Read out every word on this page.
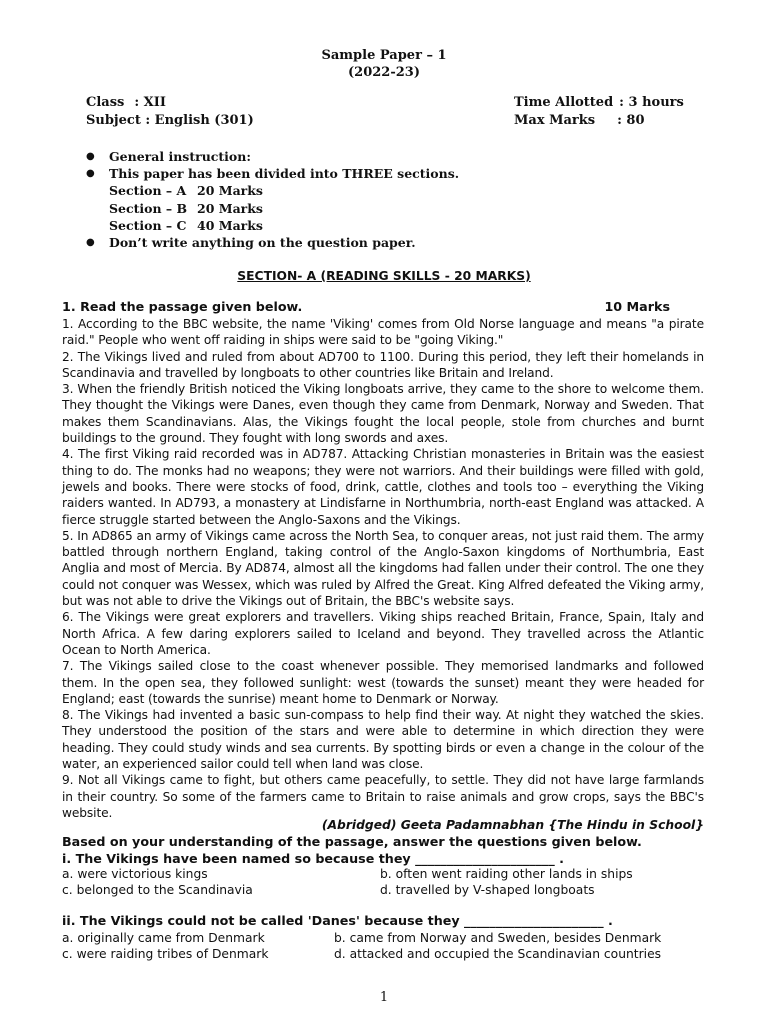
Sample Paper – 1
(2022-23)
Class : XII
Subject : English (301)
Time Allotted : 3 hours
Max Marks : 80
●	General instruction:
●	This paper has been divided into THREE sections.
Section – A 20 Marks
Section – B 20 Marks
Section – C 40 Marks
●	Don’t write anything on the question paper.
SECTION- A (READING SKILLS - 20 MARKS)
1. Read the passage given below.	10 Marks

1. According to the BBC website, the name 'Viking' comes from Old Norse language and means "a pirate raid." People who went off raiding in ships were said to be "going Viking."

2. The Vikings lived and ruled from about AD700 to 1100. During this period, they left their homelands in Scandinavia and travelled by longboats to other countries like Britain and Ireland.

3. When the friendly British noticed the Viking longboats arrive, they came to the shore to welcome them. They thought the Vikings were Danes, even though they came from Denmark, Norway and Sweden. That makes them Scandinavians. Alas, the Vikings fought the local people, stole from churches and burnt buildings to the ground. They fought with long swords and axes.

4. The first Viking raid recorded was in AD787. Attacking Christian monasteries in Britain was the easiest thing to do. The monks had no weapons; they were not warriors. And their buildings were filled with gold, jewels and books. There were stocks of food, drink, cattle, clothes and tools too – everything the Viking raiders wanted. In AD793, a monastery at Lindisfarne in Northumbria, north-east England was attacked. A fierce struggle started between the Anglo-Saxons and the Vikings.

5. In AD865 an army of Vikings came across the North Sea, to conquer areas, not just raid them. The army battled through northern England, taking control of the Anglo-Saxon kingdoms of Northumbria, East Anglia and most of Mercia. By AD874, almost all the kingdoms had fallen under their control. The one they could not conquer was Wessex, which was ruled by Alfred the Great. King Alfred defeated the Viking army, but was not able to drive the Vikings out of Britain, the BBC's website says.

6. The Vikings were great explorers and travellers. Viking ships reached Britain, France, Spain, Italy and North Africa. A few daring explorers sailed to Iceland and beyond. They travelled across the Atlantic Ocean to North America.

7. The Vikings sailed close to the coast whenever possible. They memorised landmarks and followed them. In the open sea, they followed sunlight: west (towards the sunset) meant they were headed for England; east (towards the sunrise) meant home to Denmark or Norway.

8. The Vikings had invented a basic sun-compass to help find their way. At night they watched the skies. They understood the position of the stars and were able to determine in which direction they were heading. They could study winds and sea currents. By spotting birds or even a change in the colour of the water, an experienced sailor could tell when land was close.

9. Not all Vikings came to fight, but others came peacefully, to settle. They did not have large farmlands in their country. So some of the farmers came to Britain to raise animals and grow crops, says the BBC's website.

(Abridged) Geeta Padamnabhan {The Hindu in School}
Based on your understanding of the passage, answer the questions given below.
i. The Vikings have been named so because they ______________________ .
a. were victorious kings	b. often went raiding other lands in ships
c. belonged to the Scandinavia	d. travelled by V-shaped longboats
ii. The Vikings could not be called 'Danes' because they ______________________ .
a. originally came from Denmark	b. came from Norway and Sweden, besides Denmark
c. were raiding tribes of Denmark	d. attacked and occupied the Scandinavian countries
1
